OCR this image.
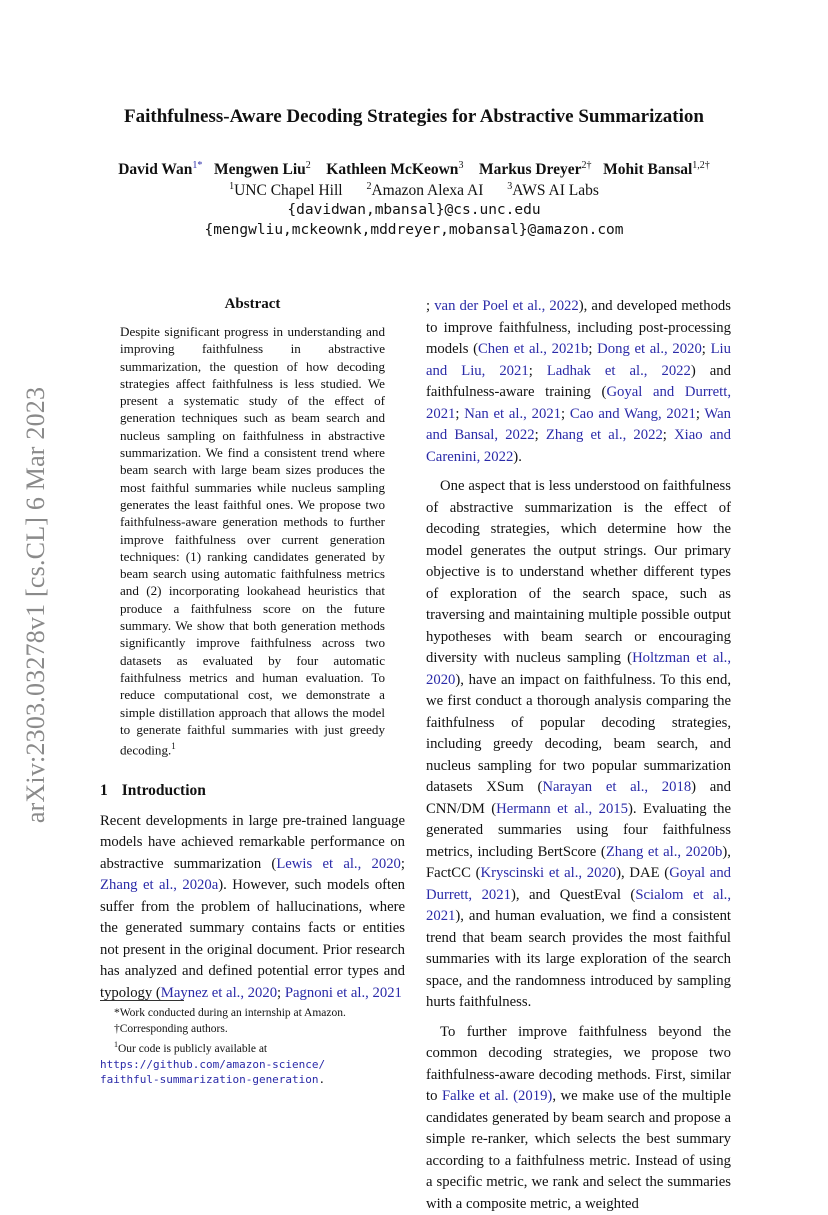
arXiv:2303.03278v1 [cs.CL] 6 Mar 2023
Faithfulness-Aware Decoding Strategies for Abstractive Summarization
David Wan$^{1*}$ Mengwen Liu$^2$ Kathleen McKeown$^3$ Markus Dreyer$^{2\dagger}$ Mohit Bansal$^{1,2\dagger}$
$^1$UNC Chapel Hill $^2$Amazon Alexa AI $^3$AWS AI Labs
{davidwan,mbansal}@cs.unc.edu
{mengwliu,mckeownk,mddreyer,mobansal}@amazon.com
Abstract
Despite significant progress in understanding and improving faithfulness in abstractive summarization, the question of how decoding strategies affect faithfulness is less studied. We present a systematic study of the effect of generation techniques such as beam search and nucleus sampling on faithfulness in abstractive summarization. We find a consistent trend where beam search with large beam sizes produces the most faithful summaries while nucleus sampling generates the least faithful ones. We propose two faithfulness-aware generation methods to further improve faithfulness over current generation techniques: (1) ranking candidates generated by beam search using automatic faithfulness metrics and (2) incorporating lookahead heuristics that produce a faithfulness score on the future summary. We show that both generation methods significantly improve faithfulness across two datasets as evaluated by four automatic faithfulness metrics and human evaluation. To reduce computational cost, we demonstrate a simple distillation approach that allows the model to generate faithful summaries with just greedy decoding.$^1$
1 Introduction

Recent developments in large pre-trained language models have achieved remarkable performance on abstractive summarization (Lewis et al., 2020; Zhang et al., 2020a). However, such models often suffer from the problem of hallucinations, where the generated summary contains facts or entities not present in the original document. Prior research has analyzed and defined potential error types and typology (Maynez et al., 2020; Pagnoni et al., 2021

; van der Poel et al., 2022), and developed methods to improve faithfulness, including post-processing models (Chen et al., 2021b; Dong et al., 2020; Liu and Liu, 2021; Ladhak et al., 2022) and faithfulness-aware training (Goyal and Durrett, 2021; Nan et al., 2021; Cao and Wang, 2021; Wan and Bansal, 2022; Zhang et al., 2022; Xiao and Carenini, 2022).

One aspect that is less understood on faithfulness of abstractive summarization is the effect of decoding strategies, which determine how the model generates the output strings. Our primary objective is to understand whether different types of exploration of the search space, such as traversing and maintaining multiple possible output hypotheses with beam search or encouraging diversity with nucleus sampling (Holtzman et al., 2020), have an impact on faithfulness. To this end, we first conduct a thorough analysis comparing the faithfulness of popular decoding strategies, including greedy decoding, beam search, and nucleus sampling for two popular summarization datasets XSum (Narayan et al., 2018) and CNN/DM (Hermann et al., 2015). Evaluating the generated summaries using four faithfulness metrics, including BertScore (Zhang et al., 2020b), FactCC (Kryscinski et al., 2020), DAE (Goyal and Durrett, 2021), and QuestEval (Scialom et al., 2021), and human evaluation, we find a consistent trend that beam search provides the most faithful summaries with its large exploration of the search space, and the randomness introduced by sampling hurts faithfulness.

To further improve faithfulness beyond the common decoding strategies, we propose two faithfulness-aware decoding methods. First, similar to Falke et al. (2019), we make use of the multiple candidates generated by beam search and propose a simple re-ranker, which selects the best summary according to a faithfulness metric. Instead of using a specific metric, we rank and select the summaries with a composite metric, a weighted

*Work conducted during an internship at Amazon.

†Corresponding authors.

$^1$Our code is publicly available at

https://github.com/amazon-science/
faithful-summarization-generation.
